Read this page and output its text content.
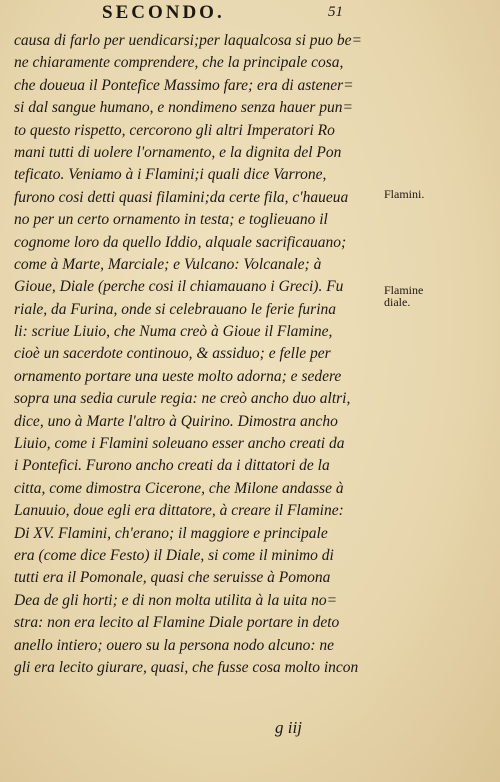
SECONDO.	51
causa di farlo per uendicarsi;per laqualcosa si puo be=
ne chiaramente comprendere, che la principale cosa,
che doueua il Pontefice Massimo fare; era di astener=
si dal sangue humano, e nondimeno senza hauer pun=
to questo rispetto, cercorono gli altri Imperatori Ro
mani tutti di uolere l'ornamento, e la dignita del Pon
teficato. Veniamo à i Flamini;i quali dice Varrone,
furono cosi detti quasi filamini;da certe fila, c'haueua
no per un certo ornamento in testa; e toglieuano il
cognome loro da quello Iddio, alquale sacrificauano;
come à Marte, Marciale; e Vulcano: Volcanale; à
Gioue, Diale (perche cosi il chiamauano i Greci). Fu
riale, da Furina, onde si celebrauano le ferie furina
li: scriue Liuio, che Numa creò à Gioue il Flamine,
cioè un sacerdote continouo, & assiduo; e felle per
ornamento portare una ueste molto adorna; e sedere
sopra una sedia curule regia: ne creò ancho duo altri,
dice, uno à Marte l'altro à Quirino. Dimostra ancho
Liuio, come i Flamini soleuano esser ancho creati da
i Pontefici. Furono ancho creati da i dittatori de la
citta, come dimostra Cicerone, che Milone andasse à
Lanuuio, doue egli era dittatore, à creare il Flamine:
Di XV. Flamini, ch'erano; il maggiore e principale
era (come dice Festo) il Diale, si come il minimo di
tutti era il Pomonale, quasi che seruisse à Pomona
Dea de gli horti; e di non molta utilita à la uita no=
stra: non era lecito al Flamine Diale portare in deto
anello intiero; ouero su la persona nodo alcuno: ne
gli era lecito giurare, quasi, che fusse cosa molto incon
Flamini.
Flamine
diale.
g iij
